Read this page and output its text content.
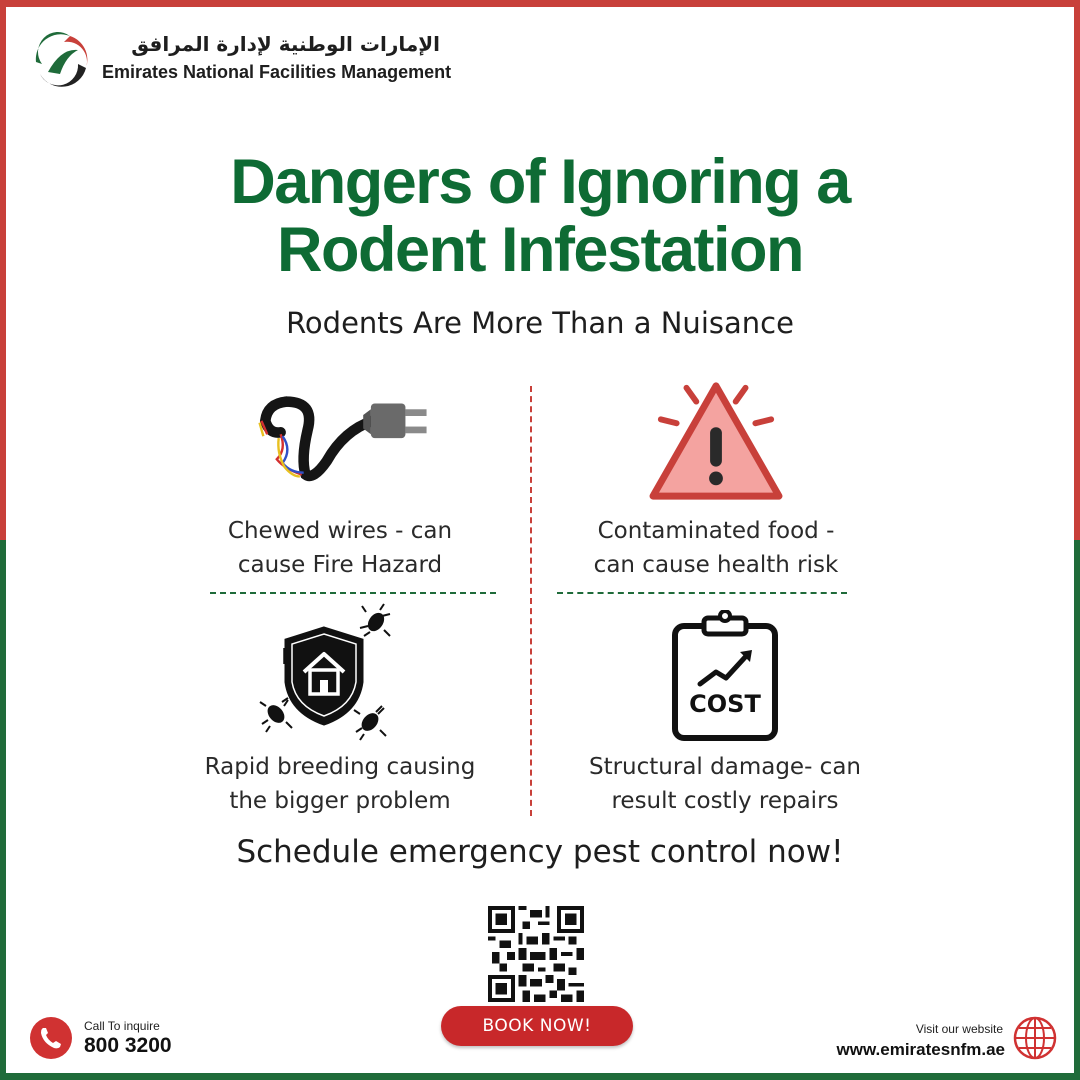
الإمارات الوطنية لإدارة المرافق
Emirates National Facilities Management
Dangers of Ignoring a
Rodent Infestation
Rodents Are More Than a Nuisance
Chewed wires - can
cause Fire Hazard
Contaminated food -
can cause health risk
Rapid breeding causing
the bigger problem
COST
Structural damage- can
result costly repairs
Schedule emergency pest control now!
BOOK NOW!
Call To inquire
800 3200
Visit our website
www.emiratesnfm.ae
